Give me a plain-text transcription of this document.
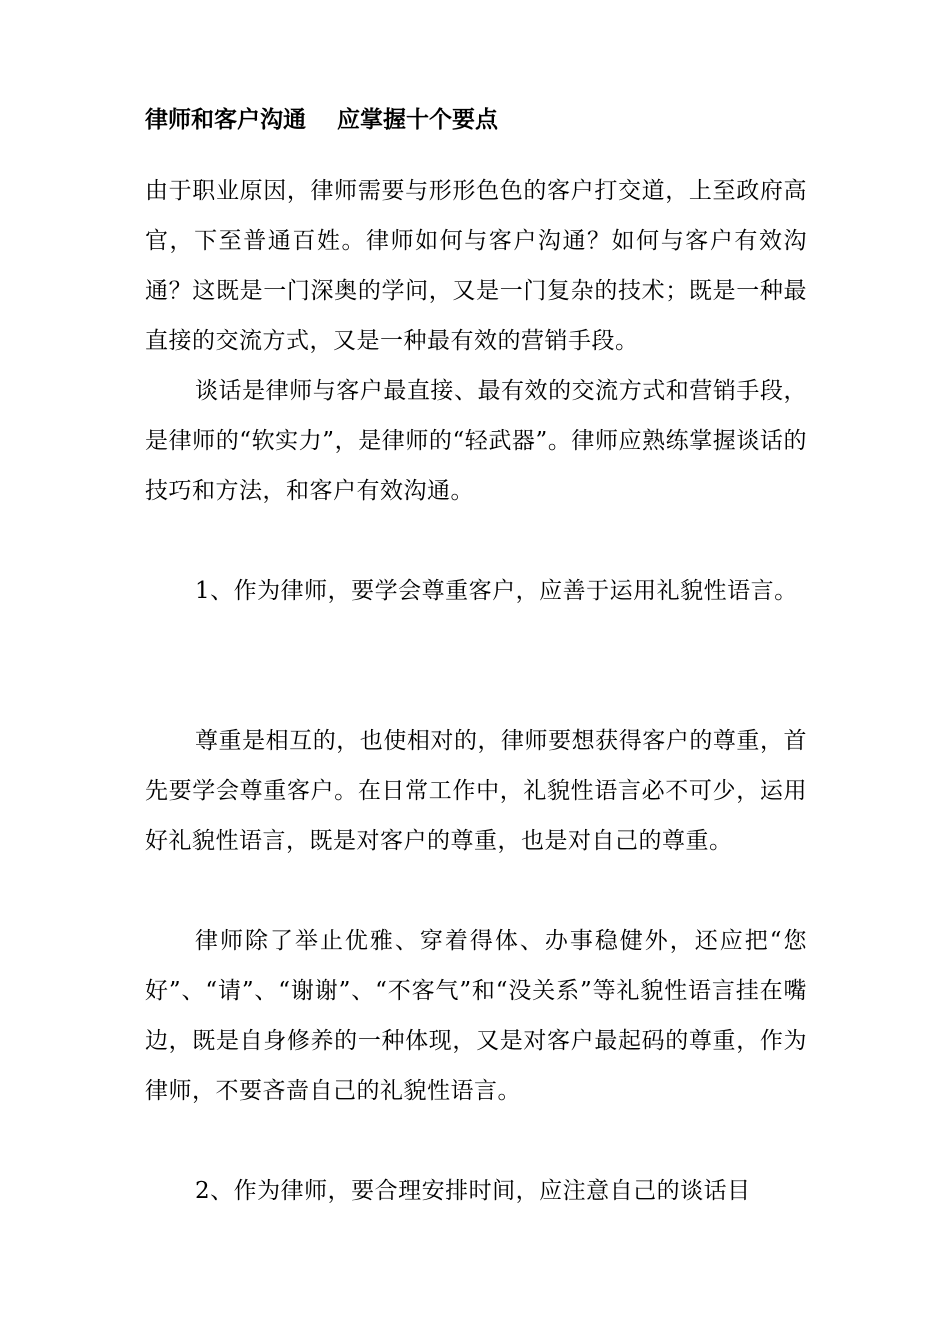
律师和客户沟通　 应掌握十个要点

由于职业原因，律师需要与形形色色的客户打交道，上至政府高官，下至普通百姓。律师如何与客户沟通？如何与客户有效沟通？这既是一门深奥的学问，又是一门复杂的技术；既是一种最直接的交流方式，又是一种最有效的营销手段。

谈话是律师与客户最直接、最有效的交流方式和营销手段，是律师的“软实力”，是律师的“轻武器”。律师应熟练掌握谈话的技巧和方法，和客户有效沟通。

1、作为律师，要学会尊重客户，应善于运用礼貌性语言。

尊重是相互的，也使相对的，律师要想获得客户的尊重，首先要学会尊重客户。在日常工作中，礼貌性语言必不可少，运用好礼貌性语言，既是对客户的尊重，也是对自己的尊重。

律师除了举止优雅、穿着得体、办事稳健外，还应把“您好”、“请”、“谢谢”、“不客气”和“没关系”等礼貌性语言挂在嘴边，既是自身修养的一种体现，又是对客户最起码的尊重，作为律师，不要吝啬自己的礼貌性语言。

2、作为律师，要合理安排时间，应注意自己的谈话目
